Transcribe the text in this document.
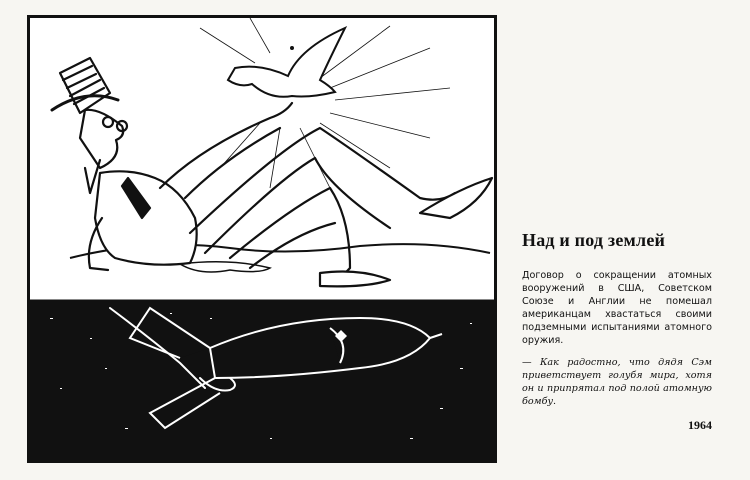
Над и под землей

Договор о сокращении атомных вооружений в США, Советском Союзе и Англии не помешал американцам хвастаться своими подземными испытаниями атомного оружия.

— Как радостно, что дядя Сэм приветствует голубя мира, хотя он и припрятал под полой атомную бомбу.

1964
